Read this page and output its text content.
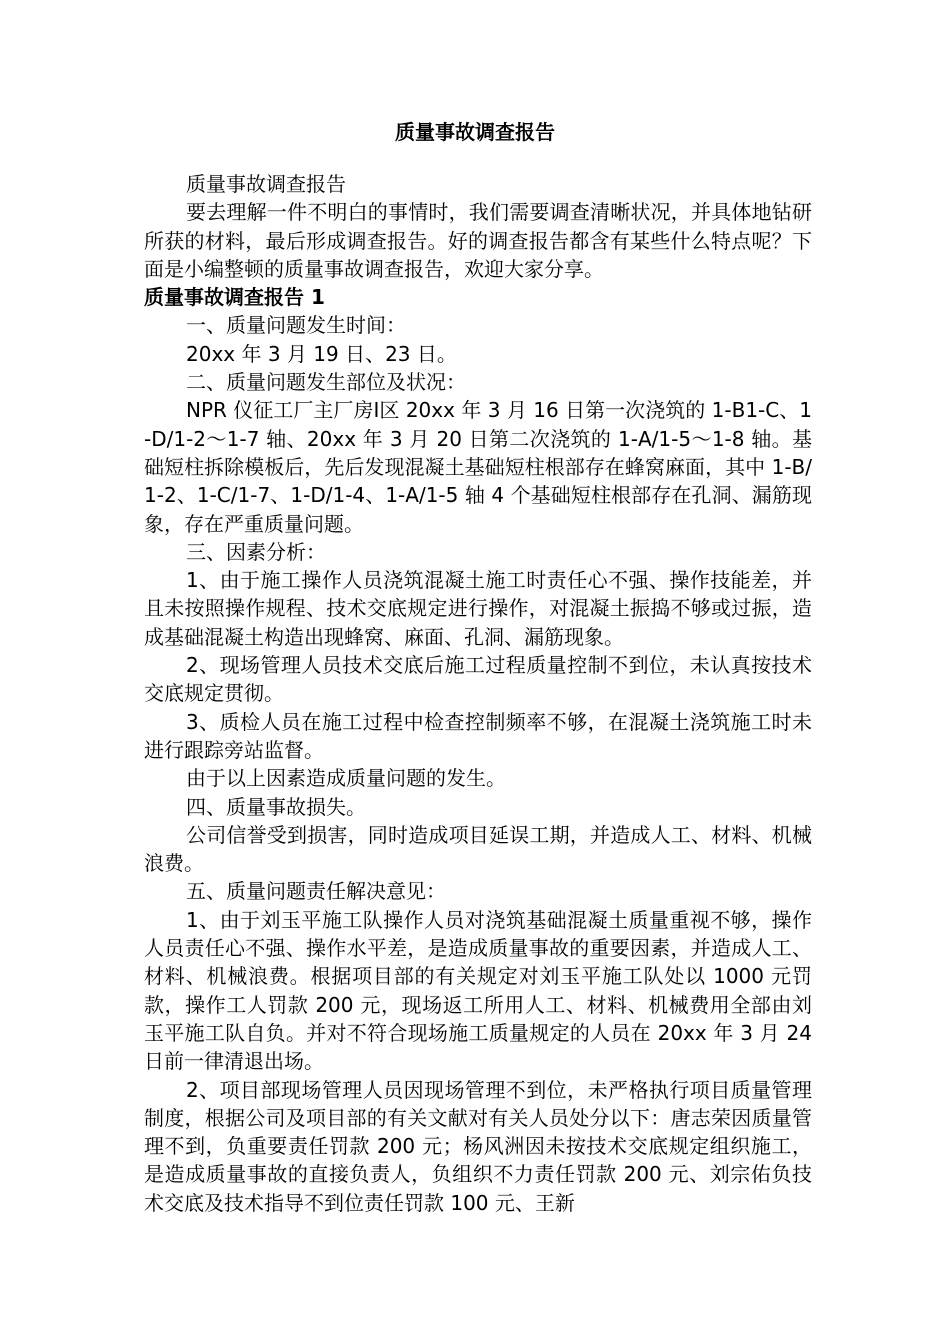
质量事故调查报告

质量事故调查报告

要去理解一件不明白的事情时，我们需要调查清晰状况，并具体地钻研所获的材料，最后形成调查报告。好的调查报告都含有某些什么特点呢？下面是小编整顿的质量事故调查报告，欢迎大家分享。

质量事故调查报告 1

一、质量问题发生时间：

20xx 年 3 月 19 日、23 日。

二、质量问题发生部位及状况：

NPR 仪征工厂主厂房Ⅰ区 20xx 年 3 月 16 日第一次浇筑的 1-B1-C、1-D/1-2～1-7 轴、20xx 年 3 月 20 日第二次浇筑的 1-A/1-5～1-8 轴。基础短柱拆除模板后，先后发现混凝土基础短柱根部存在蜂窝麻面，其中 1-B/1-2、1-C/1-7、1-D/1-4、1-A/1-5 轴 4 个基础短柱根部存在孔洞、漏筋现象，存在严重质量问题。

三、因素分析：

1、由于施工操作人员浇筑混凝土施工时责任心不强、操作技能差，并且未按照操作规程、技术交底规定进行操作，对混凝土振捣不够或过振，造成基础混凝土构造出现蜂窝、麻面、孔洞、漏筋现象。

2、现场管理人员技术交底后施工过程质量控制不到位，未认真按技术交底规定贯彻。

3、质检人员在施工过程中检查控制频率不够，在混凝土浇筑施工时未进行跟踪旁站监督。

由于以上因素造成质量问题的发生。

四、质量事故损失。

公司信誉受到损害，同时造成项目延误工期，并造成人工、材料、机械浪费。

五、质量问题责任解决意见：

1、由于刘玉平施工队操作人员对浇筑基础混凝土质量重视不够，操作人员责任心不强、操作水平差，是造成质量事故的重要因素，并造成人工、材料、机械浪费。根据项目部的有关规定对刘玉平施工队处以 1000 元罚款，操作工人罚款 200 元，现场返工所用人工、材料、机械费用全部由刘玉平施工队自负。并对不符合现场施工质量规定的人员在 20xx 年 3 月 24 日前一律清退出场。

2、项目部现场管理人员因现场管理不到位，未严格执行项目质量管理制度，根据公司及项目部的有关文献对有关人员处分以下：唐志荣因质量管理不到，负重要责任罚款 200 元；杨风洲因未按技术交底规定组织施工，是造成质量事故的直接负责人，负组织不力责任罚款 200 元、刘宗佑负技术交底及技术指导不到位责任罚款 100 元、王新
